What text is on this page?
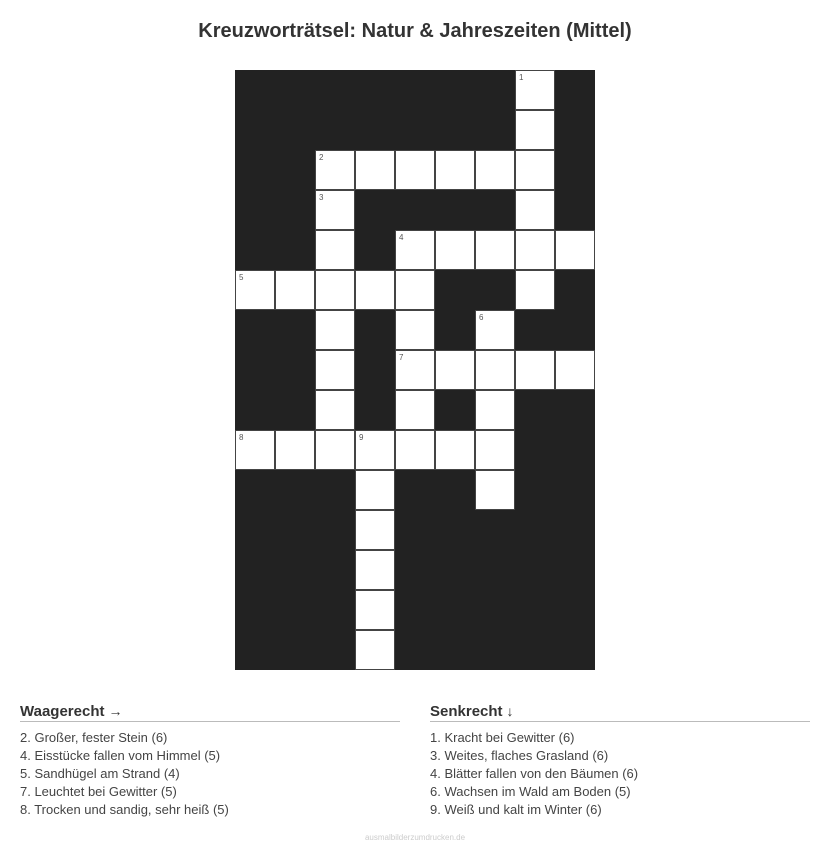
Kreuzworträtsel: Natur & Jahreszeiten (Mittel)
1
2
3
4
5
6
7
8	9
Waagerecht →
2. Großer, fester Stein (6)
4. Eisstücke fallen vom Himmel (5)
5. Sandhügel am Strand (4)
7. Leuchtet bei Gewitter (5)
8. Trocken und sandig, sehr heiß (5)
Senkrecht ↓
1. Kracht bei Gewitter (6)
3. Weites, flaches Grasland (6)
4. Blätter fallen von den Bäumen (6)
6. Wachsen im Wald am Boden (5)
9. Weiß und kalt im Winter (6)
ausmalbilderzumdrucken.de
